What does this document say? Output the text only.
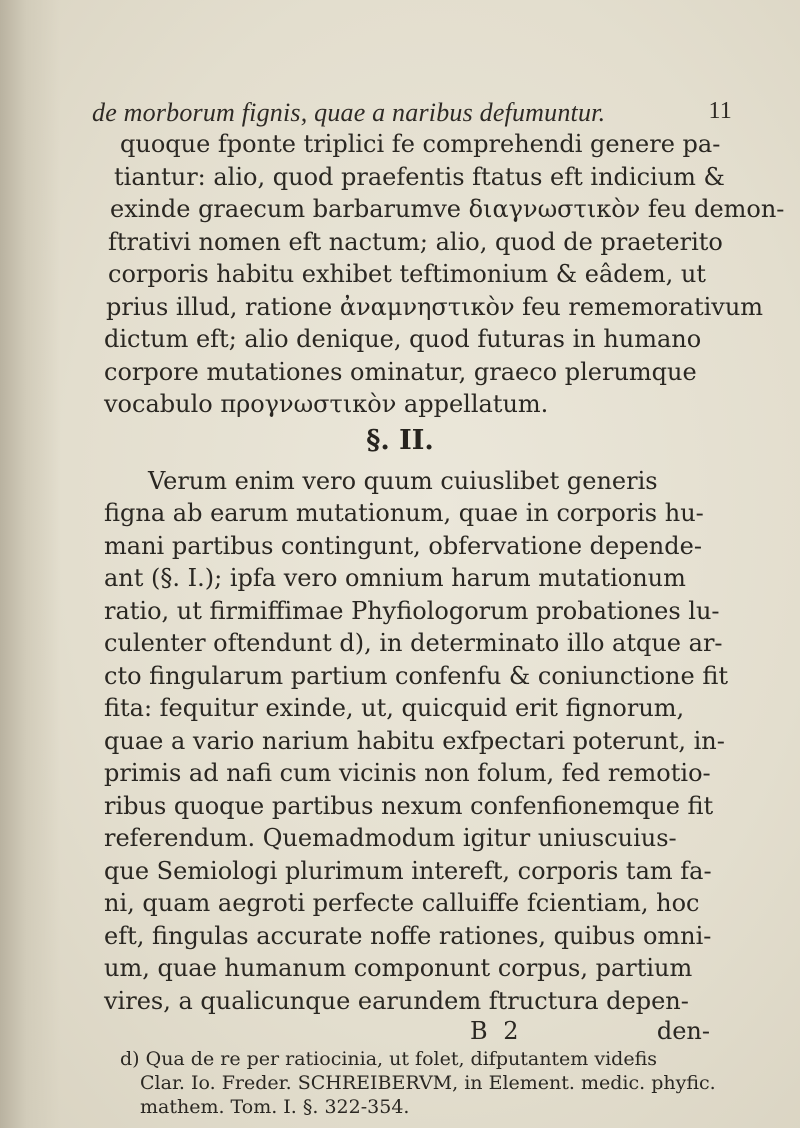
de morborum fignis, quae a naribus defumuntur.	11
quoque fponte triplici fe comprehendi genere pa-
tiantur: alio, quod praefentis ftatus eft indicium &
exinde graecum barbarumve διαγνωστικὸν feu demon-
ftrativi nomen eft nactum; alio, quod de praeterito
corporis habitu exhibet teftimonium & eâdem, ut
prius illud, ratione ἀναμνηστικὸν feu rememorativum
dictum eft; alio denique, quod futuras in humano
corpore mutationes ominatur, graeco plerumque
vocabulo προγνωστικὸν appellatum.
§. II.
Verum enim vero quum cuiuslibet generis
figna ab earum mutationum, quae in corporis hu-
mani partibus contingunt, obfervatione depende-
ant (§. I.); ipfa vero omnium harum mutationum
ratio, ut firmiffimae Phyfiologorum probationes lu-
culenter oftendunt d), in determinato illo atque ar-
cto fingularum partium confenfu & coniunctione fit
fita: fequitur exinde, ut, quicquid erit fignorum,
quae a vario narium habitu exfpectari poterunt, in-
primis ad nafi cum vicinis non folum, fed remotio-
ribus quoque partibus nexum confenfionemque fit
referendum. Quemadmodum igitur uniuscuius-
que Semiologi plurimum intereft, corporis tam fa-
ni, quam aegroti perfecte calluiffe fcientiam, hoc
eft, fingulas accurate noffe rationes, quibus omni-
um, quae humanum componunt corpus, partium
vires, a qualicunque earundem ftructura depen-
B 2	den-
d) Qua de re per ratiocinia, ut folet, difputantem videfis
Clar. Io. Freder. SCHREIBERVM, in Element. medic. phyfic.
mathem. Tom. I. §. 322-354.
